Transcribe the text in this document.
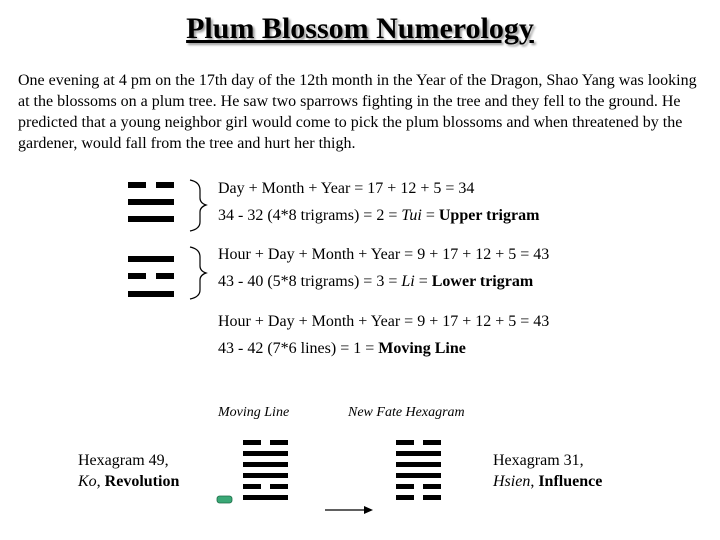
Plum Blossom Numerology
One evening at 4 pm on the 17th day of the 12th month in the Year of the Dragon, Shao Yang was looking at the blossoms on a plum tree. He saw two sparrows fighting in the tree and they fell to the ground. He predicted that a young neighbor girl would come to pick the plum blossoms and when threatened by the gardener, would fall from the tree and hurt her thigh.
Day + Month + Year = 17 + 12 + 5 = 34
34 - 32 (4*8 trigrams) = 2 = Tui = Upper trigram
Hour + Day + Month + Year = 9 + 17 + 12 + 5 = 43
43 - 40 (5*8 trigrams) = 3 = Li = Lower trigram
Hour + Day + Month + Year = 9 + 17 + 12 + 5 = 43
43 - 42 (7*6 lines) = 1 = Moving Line
Moving Line	New Fate Hexagram
Hexagram 49,
Ko, Revolution
Hexagram 31,
Hsien, Influence
